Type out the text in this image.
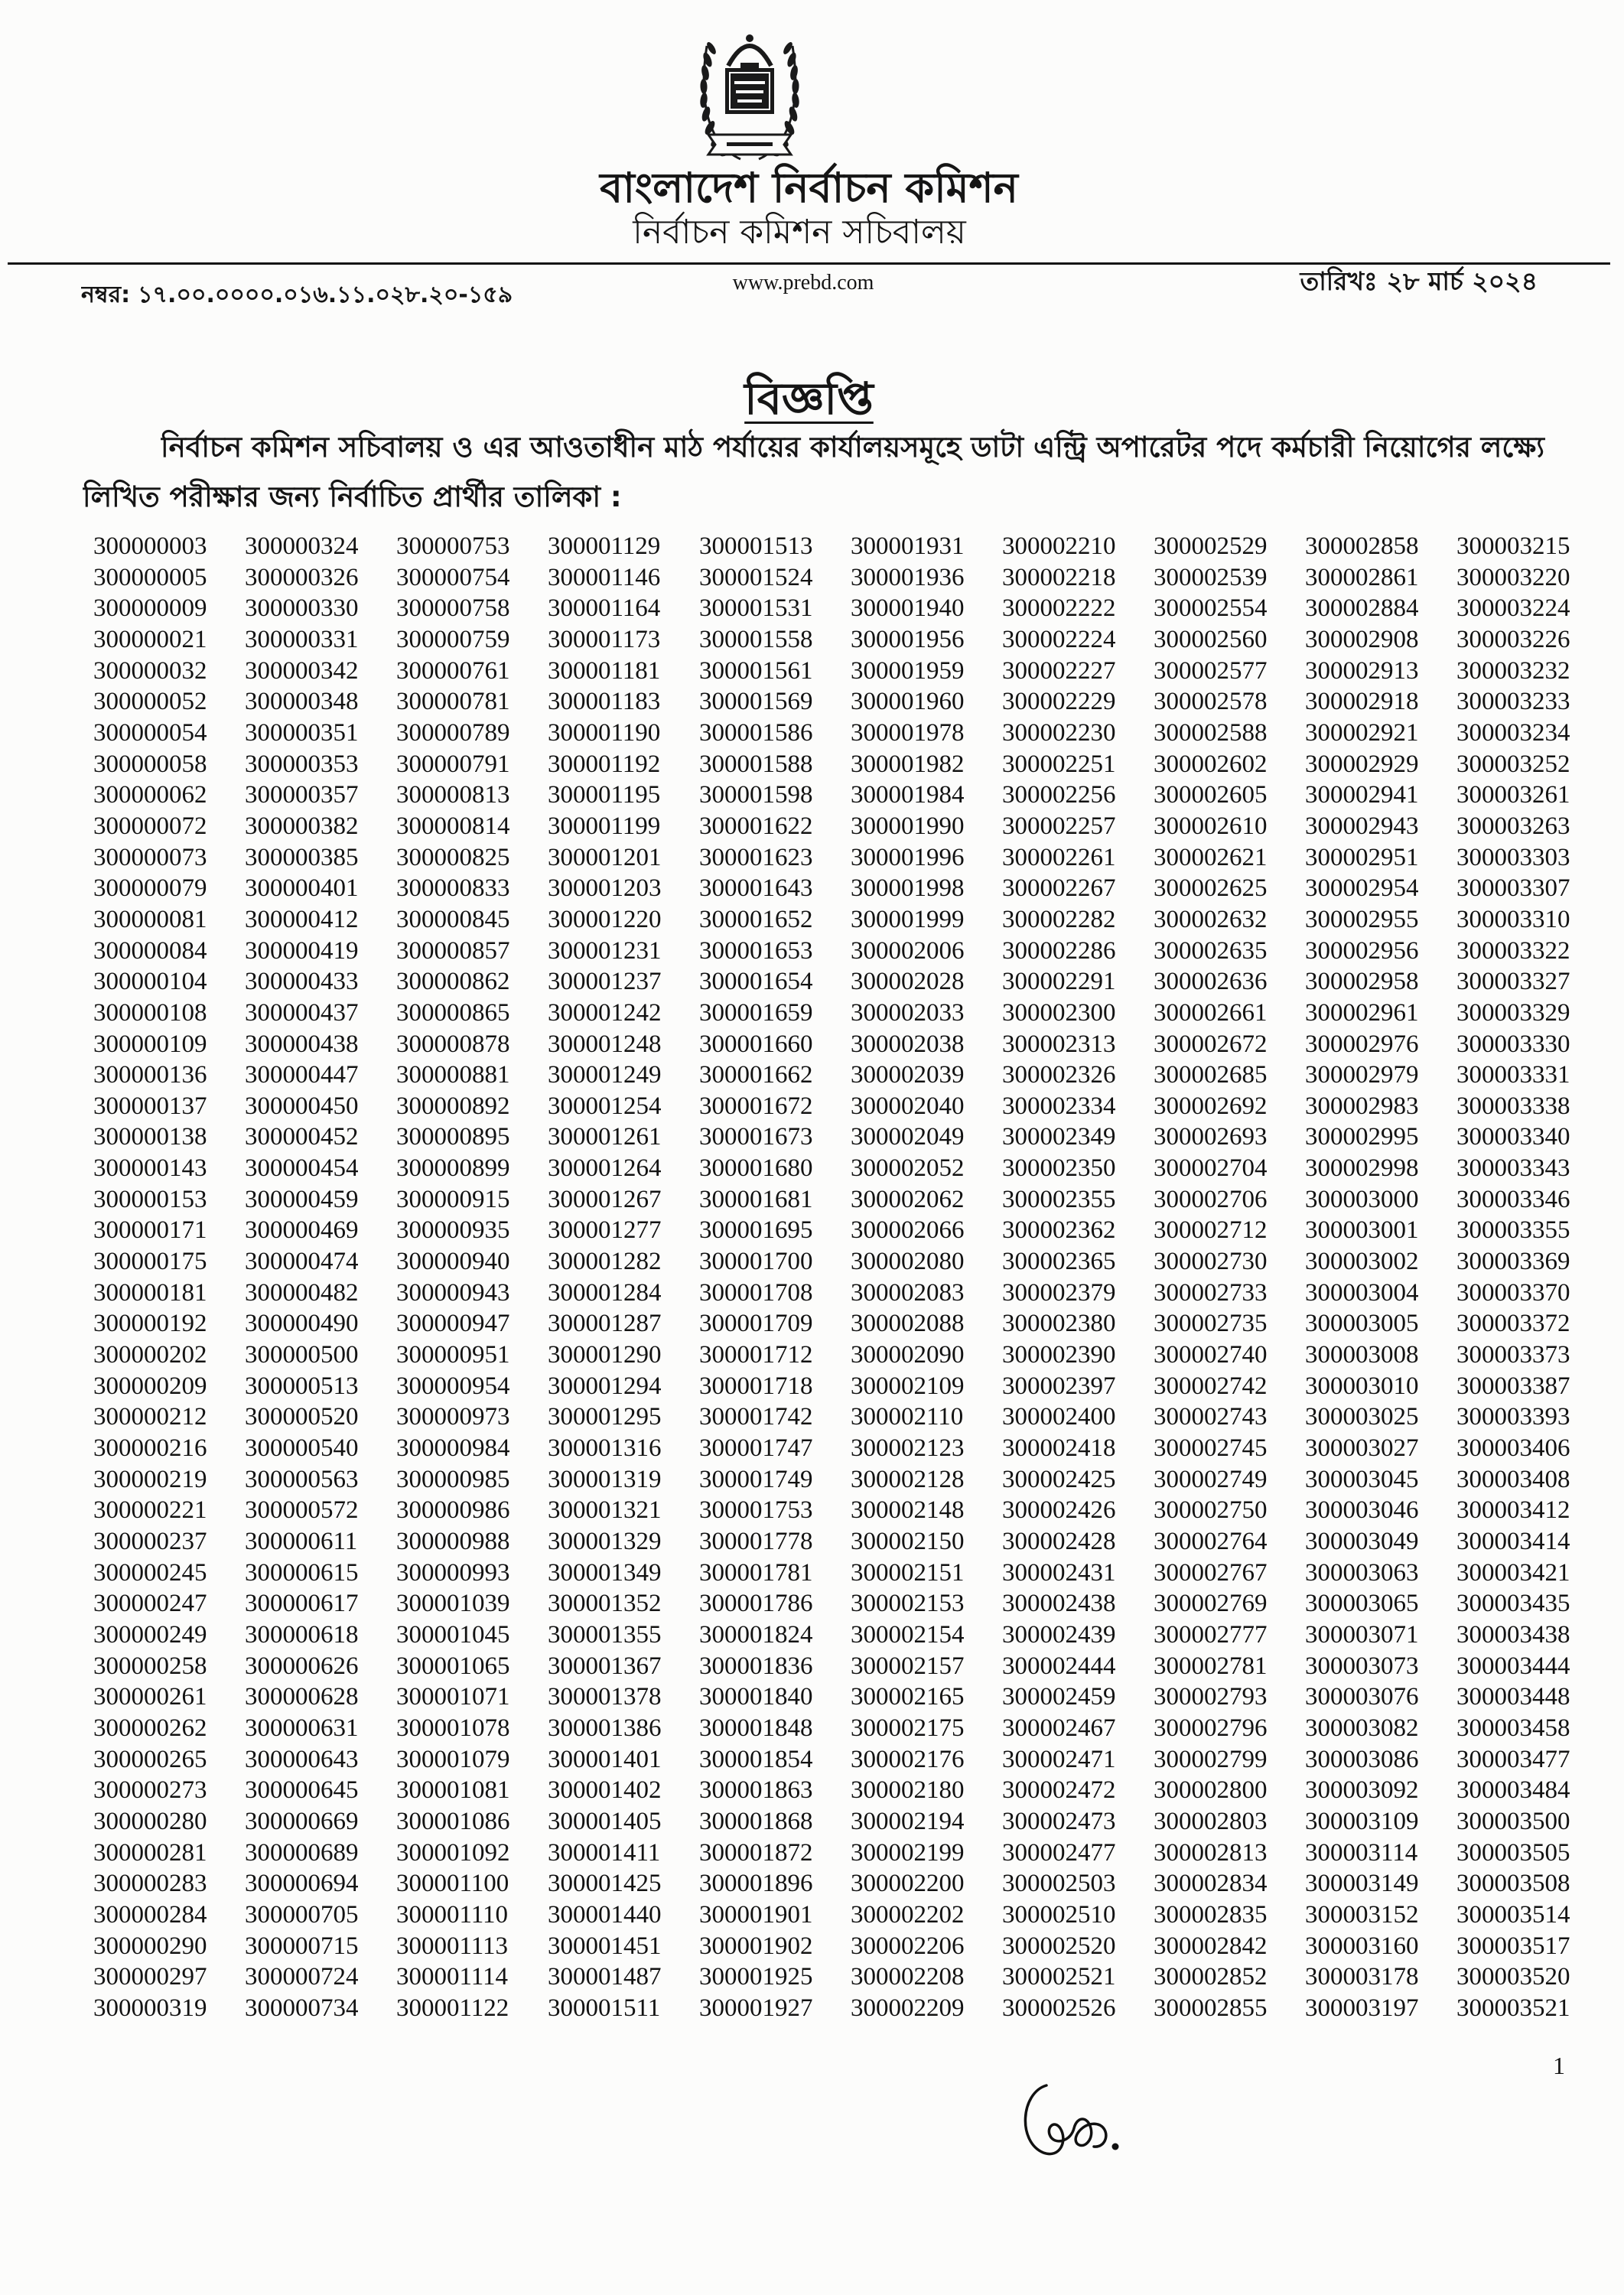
বাংলাদেশ নির্বাচন কমিশন
নির্বাচন কমিশন সচিবালয়
নম্বর: ১৭.০০.০০০০.০১৬.১১.০২৮.২০-১৫৯	www.prebd.com	তারিখঃ ২৮ মার্চ ২০২৪
বিজ্ঞপ্তি
নির্বাচন কমিশন সচিবালয় ও এর আওতাধীন মাঠ পর্যায়ের কার্যালয়সমূহে ডাটা এন্ট্রি অপারেটর পদে কর্মচারী নিয়োগের লক্ষ্যে
লিখিত পরীক্ষার জন্য নির্বাচিত প্রার্থীর তালিকা :
300000003	300000324	300000753	300001129	300001513	300001931	300002210	300002529	300002858	300003215
300000005	300000326	300000754	300001146	300001524	300001936	300002218	300002539	300002861	300003220
300000009	300000330	300000758	300001164	300001531	300001940	300002222	300002554	300002884	300003224
300000021	300000331	300000759	300001173	300001558	300001956	300002224	300002560	300002908	300003226
300000032	300000342	300000761	300001181	300001561	300001959	300002227	300002577	300002913	300003232
300000052	300000348	300000781	300001183	300001569	300001960	300002229	300002578	300002918	300003233
300000054	300000351	300000789	300001190	300001586	300001978	300002230	300002588	300002921	300003234
300000058	300000353	300000791	300001192	300001588	300001982	300002251	300002602	300002929	300003252
300000062	300000357	300000813	300001195	300001598	300001984	300002256	300002605	300002941	300003261
300000072	300000382	300000814	300001199	300001622	300001990	300002257	300002610	300002943	300003263
300000073	300000385	300000825	300001201	300001623	300001996	300002261	300002621	300002951	300003303
300000079	300000401	300000833	300001203	300001643	300001998	300002267	300002625	300002954	300003307
300000081	300000412	300000845	300001220	300001652	300001999	300002282	300002632	300002955	300003310
300000084	300000419	300000857	300001231	300001653	300002006	300002286	300002635	300002956	300003322
300000104	300000433	300000862	300001237	300001654	300002028	300002291	300002636	300002958	300003327
300000108	300000437	300000865	300001242	300001659	300002033	300002300	300002661	300002961	300003329
300000109	300000438	300000878	300001248	300001660	300002038	300002313	300002672	300002976	300003330
300000136	300000447	300000881	300001249	300001662	300002039	300002326	300002685	300002979	300003331
300000137	300000450	300000892	300001254	300001672	300002040	300002334	300002692	300002983	300003338
300000138	300000452	300000895	300001261	300001673	300002049	300002349	300002693	300002995	300003340
300000143	300000454	300000899	300001264	300001680	300002052	300002350	300002704	300002998	300003343
300000153	300000459	300000915	300001267	300001681	300002062	300002355	300002706	300003000	300003346
300000171	300000469	300000935	300001277	300001695	300002066	300002362	300002712	300003001	300003355
300000175	300000474	300000940	300001282	300001700	300002080	300002365	300002730	300003002	300003369
300000181	300000482	300000943	300001284	300001708	300002083	300002379	300002733	300003004	300003370
300000192	300000490	300000947	300001287	300001709	300002088	300002380	300002735	300003005	300003372
300000202	300000500	300000951	300001290	300001712	300002090	300002390	300002740	300003008	300003373
300000209	300000513	300000954	300001294	300001718	300002109	300002397	300002742	300003010	300003387
300000212	300000520	300000973	300001295	300001742	300002110	300002400	300002743	300003025	300003393
300000216	300000540	300000984	300001316	300001747	300002123	300002418	300002745	300003027	300003406
300000219	300000563	300000985	300001319	300001749	300002128	300002425	300002749	300003045	300003408
300000221	300000572	300000986	300001321	300001753	300002148	300002426	300002750	300003046	300003412
300000237	300000611	300000988	300001329	300001778	300002150	300002428	300002764	300003049	300003414
300000245	300000615	300000993	300001349	300001781	300002151	300002431	300002767	300003063	300003421
300000247	300000617	300001039	300001352	300001786	300002153	300002438	300002769	300003065	300003435
300000249	300000618	300001045	300001355	300001824	300002154	300002439	300002777	300003071	300003438
300000258	300000626	300001065	300001367	300001836	300002157	300002444	300002781	300003073	300003444
300000261	300000628	300001071	300001378	300001840	300002165	300002459	300002793	300003076	300003448
300000262	300000631	300001078	300001386	300001848	300002175	300002467	300002796	300003082	300003458
300000265	300000643	300001079	300001401	300001854	300002176	300002471	300002799	300003086	300003477
300000273	300000645	300001081	300001402	300001863	300002180	300002472	300002800	300003092	300003484
300000280	300000669	300001086	300001405	300001868	300002194	300002473	300002803	300003109	300003500
300000281	300000689	300001092	300001411	300001872	300002199	300002477	300002813	300003114	300003505
300000283	300000694	300001100	300001425	300001896	300002200	300002503	300002834	300003149	300003508
300000284	300000705	300001110	300001440	300001901	300002202	300002510	300002835	300003152	300003514
300000290	300000715	300001113	300001451	300001902	300002206	300002520	300002842	300003160	300003517
300000297	300000724	300001114	300001487	300001925	300002208	300002521	300002852	300003178	300003520
300000319	300000734	300001122	300001511	300001927	300002209	300002526	300002855	300003197	300003521
1
